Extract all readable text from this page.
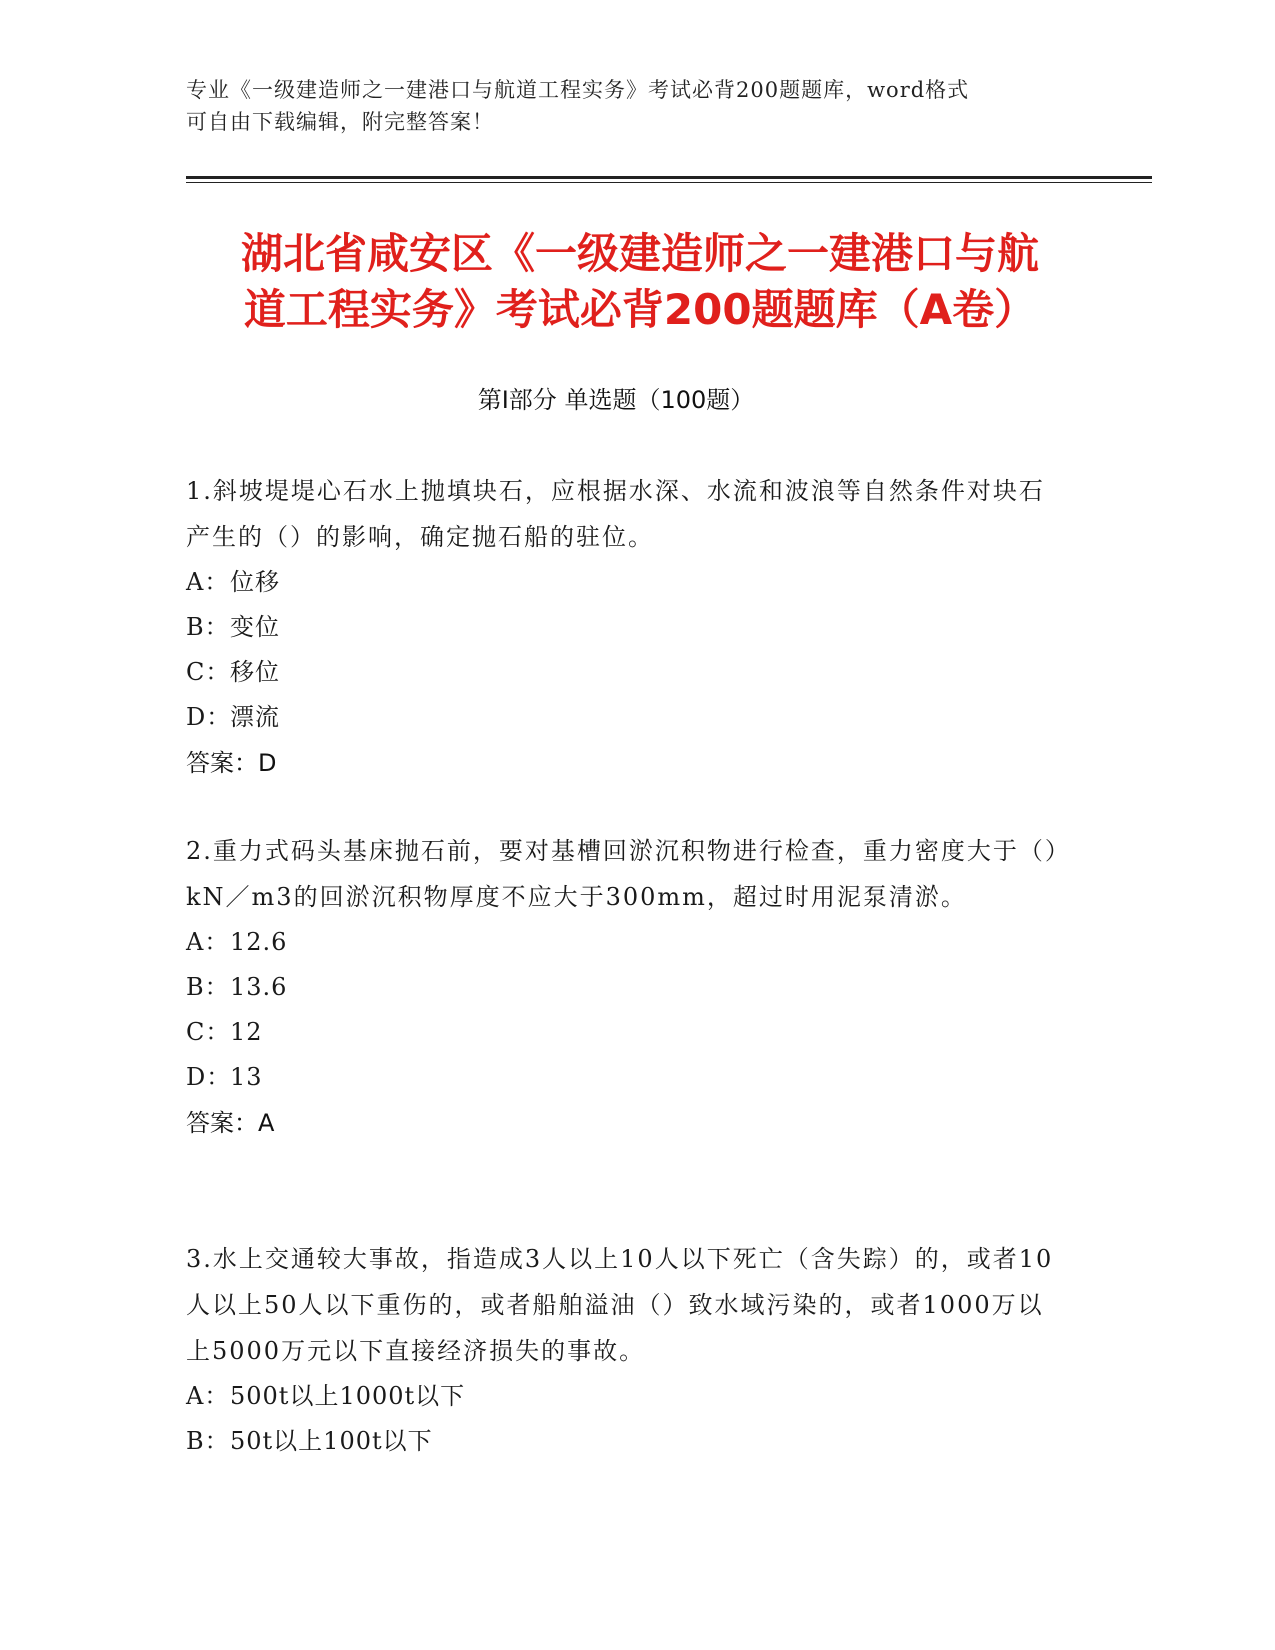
专业《一级建造师之一建港口与航道工程实务》考试必背200题题库，word格式
可自由下载编辑，附完整答案！
湖北省咸安区《一级建造师之一建港口与航
道工程实务》考试必背200题题库（A卷）
第Ⅰ部分 单选题（100题）

1.斜坡堤堤心石水上抛填块石，应根据水深、水流和波浪等自然条件对块石产生的（）的影响，确定抛石船的驻位。

A：位移

B：变位

C：移位

D：漂流

答案：D

2.重力式码头基床抛石前，要对基槽回淤沉积物进行检查，重力密度大于（）kN／m3的回淤沉积物厚度不应大于300mm，超过时用泥泵清淤。

A：12.6

B：13.6

C：12

D：13

答案：A

3.水上交通较大事故，指造成3人以上10人以下死亡（含失踪）的，或者10人以上50人以下重伤的，或者船舶溢油（）致水域污染的，或者1000万以上5000万元以下直接经济损失的事故。

A：500t以上1000t以下

B：50t以上100t以下
